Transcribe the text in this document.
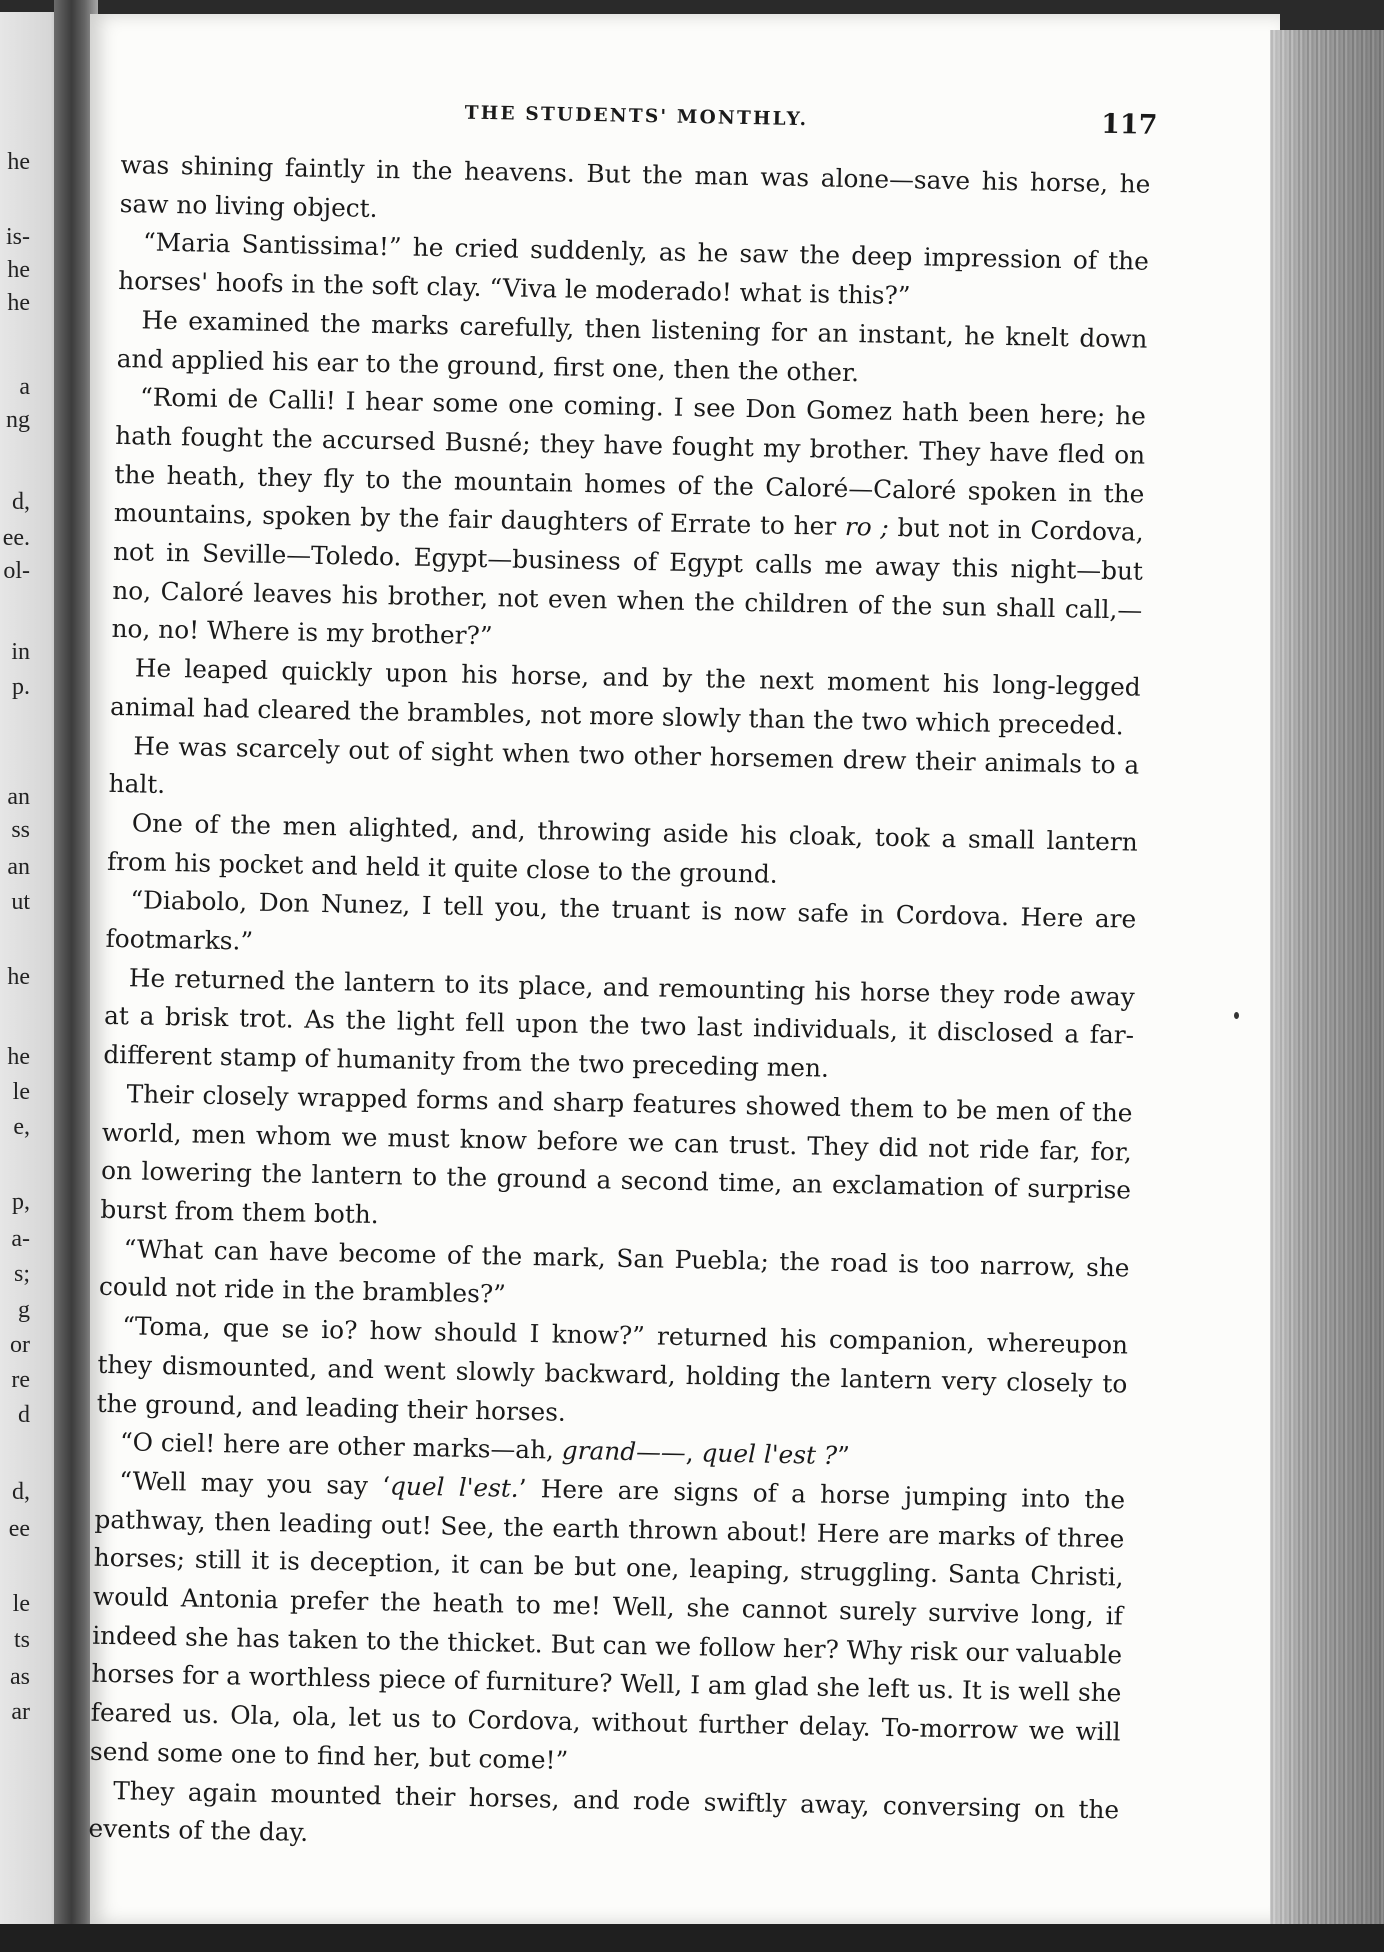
he
is-
he
he
a
ng
d,
ee.
ol-
in
p.
an
ss
an
ut
he
he
le
e,
p,
a-
s;
g
or
re
d
d,
ee
le
ts
as
ar
THE STUDENTS' MONTHLY.	117

was shining faintly in the heavens. But the man was alone—save his horse, he saw no living object.

“Maria Santissima!” he cried suddenly, as he saw the deep impression of the horses' hoofs in the soft clay. “Viva le moderado! what is this?”

He examined the marks carefully, then listening for an instant, he knelt down and applied his ear to the ground, first one, then the other.

“Romi de Calli! I hear some one coming. I see Don Gomez hath been here; he hath fought the accursed Busné; they have fought my brother. They have fled on the heath, they fly to the mountain homes of the Caloré—Caloré spoken in the mountains, spoken by the fair daughters of Errate to her ro ; but not in Cordova, not in Seville—Toledo. Egypt—business of Egypt calls me away this night—but no, Caloré leaves his brother, not even when the children of the sun shall call,—no, no! Where is my brother?”

He leaped quickly upon his horse, and by the next moment his long-legged animal had cleared the brambles, not more slowly than the two which preceded.

He was scarcely out of sight when two other horsemen drew their animals to a halt.

One of the men alighted, and, throwing aside his cloak, took a small lantern from his pocket and held it quite close to the ground.

“Diabolo, Don Nunez, I tell you, the truant is now safe in Cordova. Here are footmarks.”

He returned the lantern to its place, and remounting his horse they rode away at a brisk trot. As the light fell upon the two last individuals, it disclosed a far-different stamp of humanity from the two preceding men.

Their closely wrapped forms and sharp features showed them to be men of the world, men whom we must know before we can trust. They did not ride far, for, on lowering the lantern to the ground a second time, an exclamation of surprise burst from them both.

“What can have become of the mark, San Puebla; the road is too narrow, she could not ride in the brambles?”

“Toma, que se io? how should I know?” returned his companion, whereupon they dismounted, and went slowly backward, holding the lantern very closely to the ground, and leading their horses.

“O ciel! here are other marks—ah, grand——, quel l'est ?”

“Well may you say ‘quel l'est.’ Here are signs of a horse jumping into the pathway, then leading out! See, the earth thrown about! Here are marks of three horses; still it is deception, it can be but one, leaping, struggling. Santa Christi, would Antonia prefer the heath to me! Well, she cannot surely survive long, if indeed she has taken to the thicket. But can we follow her? Why risk our valuable horses for a worthless piece of furniture? Well, I am glad she left us. It is well she feared us. Ola, ola, let us to Cordova, without further delay. To-morrow we will send some one to find her, but come!”

They again mounted their horses, and rode swiftly away, conversing on the events of the day.
